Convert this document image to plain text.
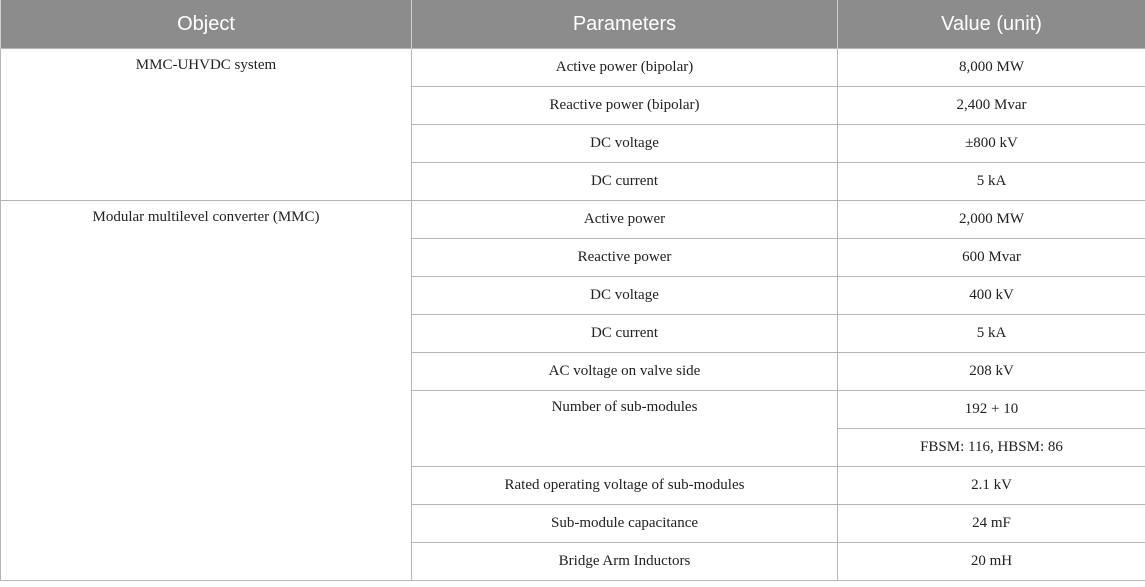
Object	Parameters	Value (unit)
MMC-UHVDC system	Active power (bipolar)	8,000 MW
	Reactive power (bipolar)	2,400 Mvar
	DC voltage	±800 kV
	DC current	5 kA
Modular multilevel converter (MMC)	Active power	2,000 MW
	Reactive power	600 Mvar
	DC voltage	400 kV
	DC current	5 kA
	AC voltage on valve side	208 kV
	Number of sub-modules	192 + 10
		FBSM: 116, HBSM: 86
	Rated operating voltage of sub-modules	2.1 kV
	Sub-module capacitance	24 mF
	Bridge Arm Inductors	20 mH
